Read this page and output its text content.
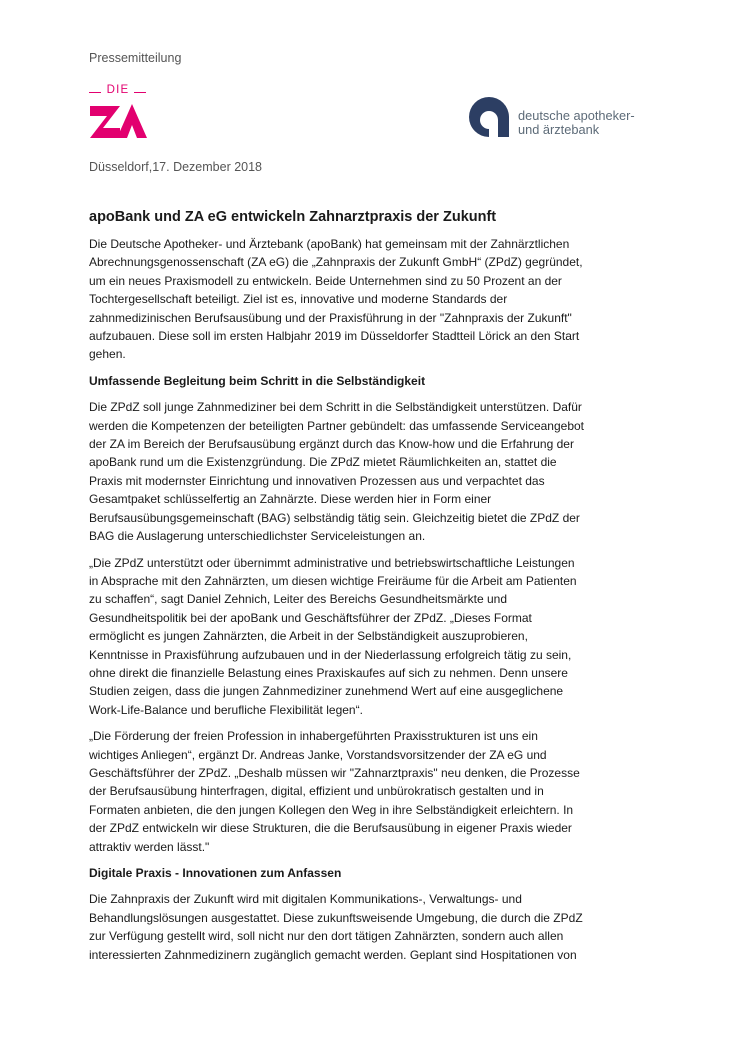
Pressemitteilung
DIE
deutsche apotheker-
und ärztebank
Düsseldorf,17. Dezember 2018
apoBank und ZA eG entwickeln Zahnarztpraxis der Zukunft
Die Deutsche Apotheker- und Ärztebank (apoBank) hat gemeinsam mit der Zahnärztlichen
Abrechnungsgenossenschaft (ZA eG) die „Zahnpraxis der Zukunft GmbH“ (ZPdZ) gegründet,
um ein neues Praxismodell zu entwickeln. Beide Unternehmen sind zu 50 Prozent an der
Tochtergesellschaft beteiligt. Ziel ist es, innovative und moderne Standards der
zahnmedizinischen Berufsausübung und der Praxisführung in der "Zahnpraxis der Zukunft"
aufzubauen. Diese soll im ersten Halbjahr 2019 im Düsseldorfer Stadtteil Lörick an den Start
gehen.
Umfassende Begleitung beim Schritt in die Selbständigkeit
Die ZPdZ soll junge Zahnmediziner bei dem Schritt in die Selbständigkeit unterstützen. Dafür
werden die Kompetenzen der beteiligten Partner gebündelt: das umfassende Serviceangebot
der ZA im Bereich der Berufsausübung ergänzt durch das Know-how und die Erfahrung der
apoBank rund um die Existenzgründung. Die ZPdZ mietet Räumlichkeiten an, stattet die
Praxis mit modernster Einrichtung und innovativen Prozessen aus und verpachtet das
Gesamtpaket schlüsselfertig an Zahnärzte. Diese werden hier in Form einer
Berufsausübungsgemeinschaft (BAG) selbständig tätig sein. Gleichzeitig bietet die ZPdZ der
BAG die Auslagerung unterschiedlichster Serviceleistungen an.
„Die ZPdZ unterstützt oder übernimmt administrative und betriebswirtschaftliche Leistungen
in Absprache mit den Zahnärzten, um diesen wichtige Freiräume für die Arbeit am Patienten
zu schaffen“, sagt Daniel Zehnich, Leiter des Bereichs Gesundheitsmärkte und
Gesundheitspolitik bei der apoBank und Geschäftsführer der ZPdZ. „Dieses Format
ermöglicht es jungen Zahnärzten, die Arbeit in der Selbständigkeit auszuprobieren,
Kenntnisse in Praxisführung aufzubauen und in der Niederlassung erfolgreich tätig zu sein,
ohne direkt die finanzielle Belastung eines Praxiskaufes auf sich zu nehmen. Denn unsere
Studien zeigen, dass die jungen Zahnmediziner zunehmend Wert auf eine ausgeglichene
Work-Life-Balance und berufliche Flexibilität legen“.
„Die Förderung der freien Profession in inhabergeführten Praxisstrukturen ist uns ein
wichtiges Anliegen“, ergänzt Dr. Andreas Janke, Vorstandsvorsitzender der ZA eG und
Geschäftsführer der ZPdZ. „Deshalb müssen wir "Zahnarztpraxis" neu denken, die Prozesse
der Berufsausübung hinterfragen, digital, effizient und unbürokratisch gestalten und in
Formaten anbieten, die den jungen Kollegen den Weg in ihre Selbständigkeit erleichtern. In
der ZPdZ entwickeln wir diese Strukturen, die die Berufsausübung in eigener Praxis wieder
attraktiv werden lässt."
Digitale Praxis - Innovationen zum Anfassen
Die Zahnpraxis der Zukunft wird mit digitalen Kommunikations-, Verwaltungs- und
Behandlungslösungen ausgestattet. Diese zukunftsweisende Umgebung, die durch die ZPdZ
zur Verfügung gestellt wird, soll nicht nur den dort tätigen Zahnärzten, sondern auch allen
interessierten Zahnmedizinern zugänglich gemacht werden. Geplant sind Hospitationen von
